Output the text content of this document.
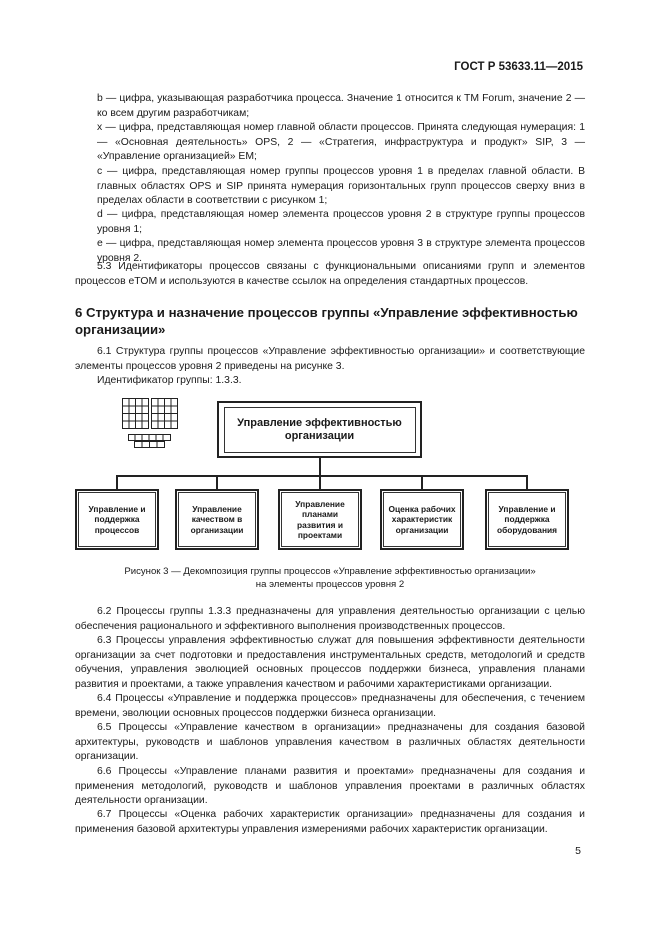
ГОСТ Р 53633.11—2015
b — цифра, указывающая разработчика процесса. Значение 1 относится к TM Forum, значение 2 — ко всем другим разработчикам;
x — цифра, представляющая номер главной области процессов. Принята следующая нумерация: 1 — «Основная деятельность» OPS, 2 — «Стратегия, инфраструктура и продукт» SIP, 3 — «Управление организацией» EM;
c — цифра, представляющая номер группы процессов уровня 1 в пределах главной области. В главных областях OPS и SIP принята нумерация горизонтальных групп процессов сверху вниз в пределах области в соответствии с рисунком 1;
d — цифра, представляющая номер элемента процессов уровня 2 в структуре группы процессов уровня 1;
e — цифра, представляющая номер элемента процессов уровня 3 в структуре элемента процессов уровня 2.
5.3 Идентификаторы процессов связаны с функциональными описаниями групп и элементов процессов eTOM и используются в качестве ссылок на определения стандартных процессов.
6 Структура и назначение процессов группы «Управление эффективностью организации»
6.1 Структура группы процессов «Управление эффективностью организации» и соответствующие элементы процессов уровня 2 приведены на рисунке 3.
Идентификатор группы: 1.3.3.
Управление эффективностью организации
Управление и поддержка процессов
Управление качеством в организации
Управление планами развития и проектами
Оценка рабочих характеристик организации
Управление и поддержка оборудования
Рисунок 3 — Декомпозиция группы процессов «Управление эффективностью организации»
на элементы процессов уровня 2
6.2 Процессы группы 1.3.3 предназначены для управления деятельностью организации с целью обеспечения рационального и эффективного выполнения производственных процессов.
6.3 Процессы управления эффективностью служат для повышения эффективности деятельности организации за счет подготовки и предоставления инструментальных средств, методологий и средств обучения, управления эволюцией основных процессов поддержки бизнеса, управления планами развития и проектами, а также управления качеством и рабочими характеристиками организации.
6.4 Процессы «Управление и поддержка процессов» предназначены для обеспечения, с течением времени, эволюции основных процессов поддержки бизнеса организации.
6.5 Процессы «Управление качеством в организации» предназначены для создания базовой архитектуры, руководств и шаблонов управления качеством в различных областях деятельности организации.
6.6 Процессы «Управление планами развития и проектами» предназначены для создания и применения методологий, руководств и шаблонов управления проектами в различных областях деятельности организации.
6.7 Процессы «Оценка рабочих характеристик организации» предназначены для создания и применения базовой архитектуры управления измерениями рабочих характеристик организации.
5
